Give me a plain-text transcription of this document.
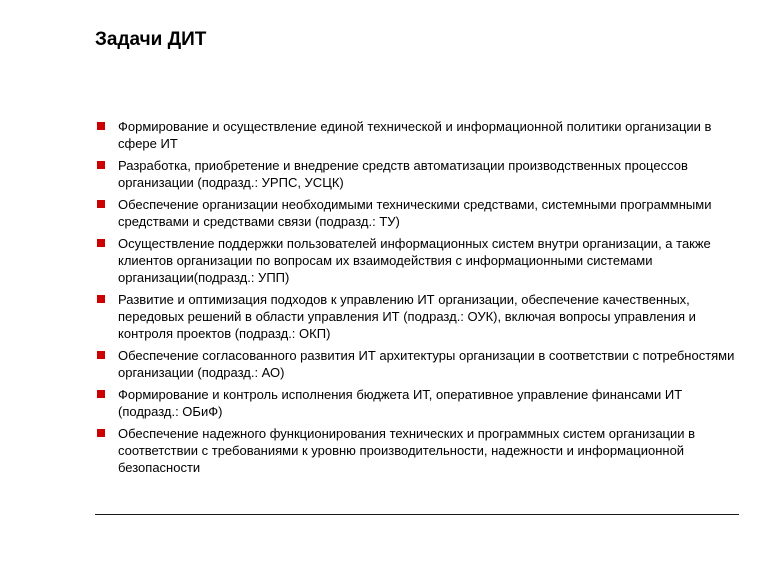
Задачи ДИТ
Формирование и осуществление единой технической и информационной политики организации в сфере ИТ
Разработка, приобретение и внедрение средств автоматизации производственных процессов организации (подразд.: УРПС, УСЦК)
Обеспечение организации необходимыми техническими средствами, системными программными средствами и средствами связи (подразд.: ТУ)
Осуществление поддержки пользователей информационных систем внутри организации, а также клиентов организации по вопросам их взаимодействия с информационными системами организации(подразд.: УПП)
Развитие и оптимизация подходов к управлению ИТ организации, обеспечение качественных, передовых решений в области управления ИТ (подразд.: ОУК), включая вопросы управления и контроля проектов (подразд.: ОКП)
Обеспечение согласованного развития ИТ архитектуры организации в соответствии с потребностями организации (подразд.: АО)
Формирование и контроль исполнения бюджета ИТ, оперативное управление финансами ИТ (подразд.: ОБиФ)
Обеспечение надежного функционирования технических и программных систем организации в соответствии с требованиями к уровню производительности, надежности и информационной безопасности
